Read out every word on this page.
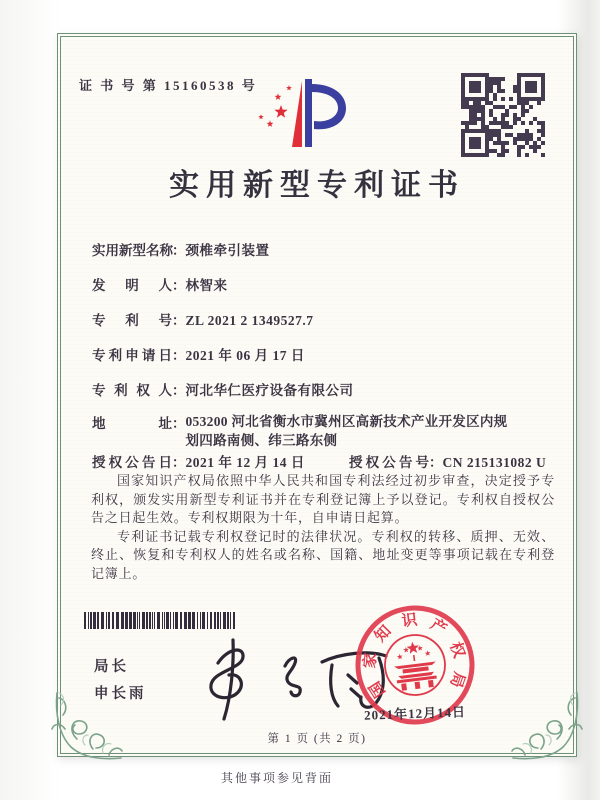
证 书 号 第 15160538 号
实用新型专利证书
实用新型名称：颈椎牵引装置
发明人：林智来
专利号：ZL 2021 2 1349527.7
专利申请日：2021 年 06 月 17 日
专利权人：河北华仁医疗设备有限公司
地址：053200 河北省衡水市冀州区高新技术产业开发区内规划四路南侧、纬三路东侧
授权公告日：2021 年 12 月 14 日	授权公告号：CN 215131082 U

国家知识产权局依照中华人民共和国专利法经过初步审查，决定授予专利权，颁发实用新型专利证书并在专利登记簿上予以登记。专利权自授权公告之日起生效。专利权期限为十年，自申请日起算。

专利证书记载专利权登记时的法律状况。专利权的转移、质押、无效、终止、恢复和专利权人的姓名或名称、国籍、地址变更等事项记载在专利登记簿上。

局长
申长雨	国
家
知
识 产
权
局
2021年12月14日
第 1 页 (共 2 页)
其他事项参见背面
